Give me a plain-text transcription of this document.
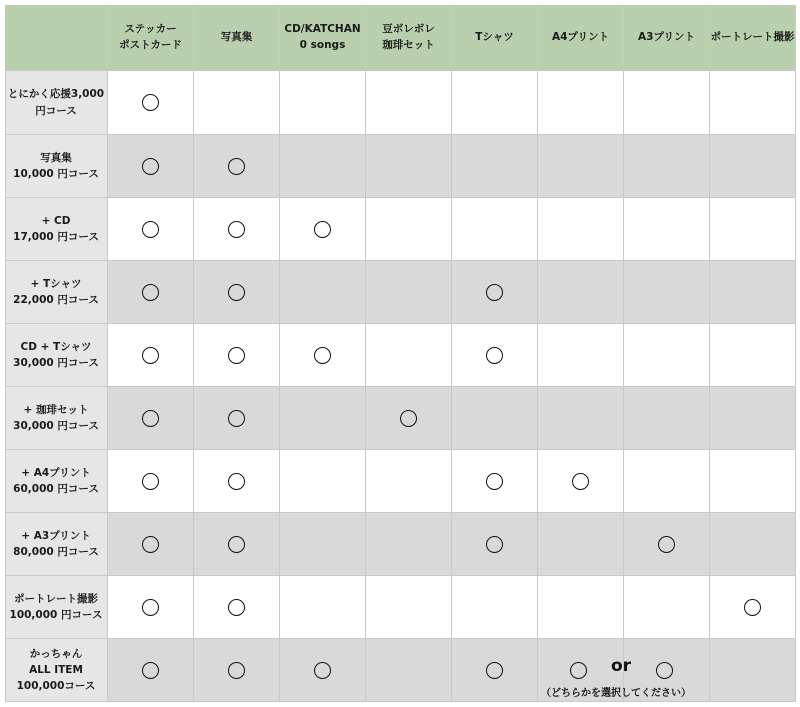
ステッカー
ポストカード
写真集
CD/KATCHAN
0 songs
豆ボレボレ
珈琲セット
Tシャツ	A4プリント	A3プリント ポートレート撮影
とにかく応援3,000
円コース
写真集
10,000 円コース
+ CD
17,000 円コース
+ Tシャツ
22,000 円コース
CD + Tシャツ
30,000 円コース
+ 珈琲セット
30,000 円コース
+ A4プリント
60,000 円コース
+ A3プリント
80,000 円コース
ポートレート撮影
100,000 円コース
かっちゃん
ALL ITEM
100,000コース
or
（どちらかを選択してください）
